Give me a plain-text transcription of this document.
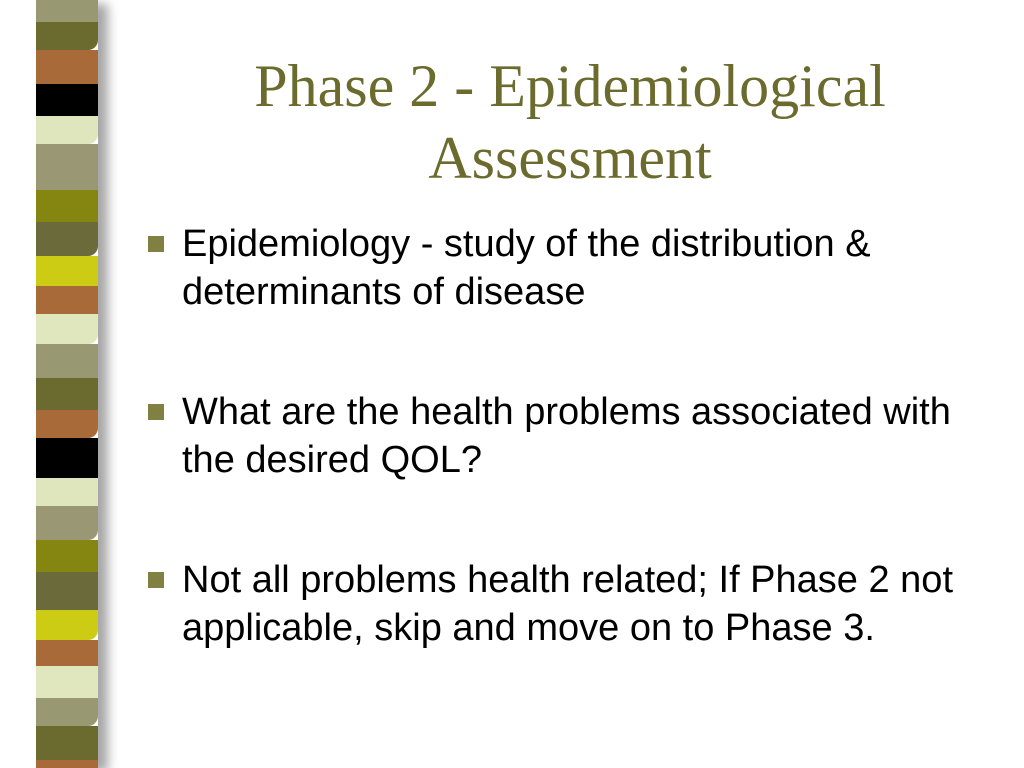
Phase 2 - Epidemiological
Assessment
Epidemiology - study of the distribution & determinants of disease
What are the health problems associated with the desired QOL?
Not all problems health related; If Phase 2 not applicable, skip and move on to Phase 3.
